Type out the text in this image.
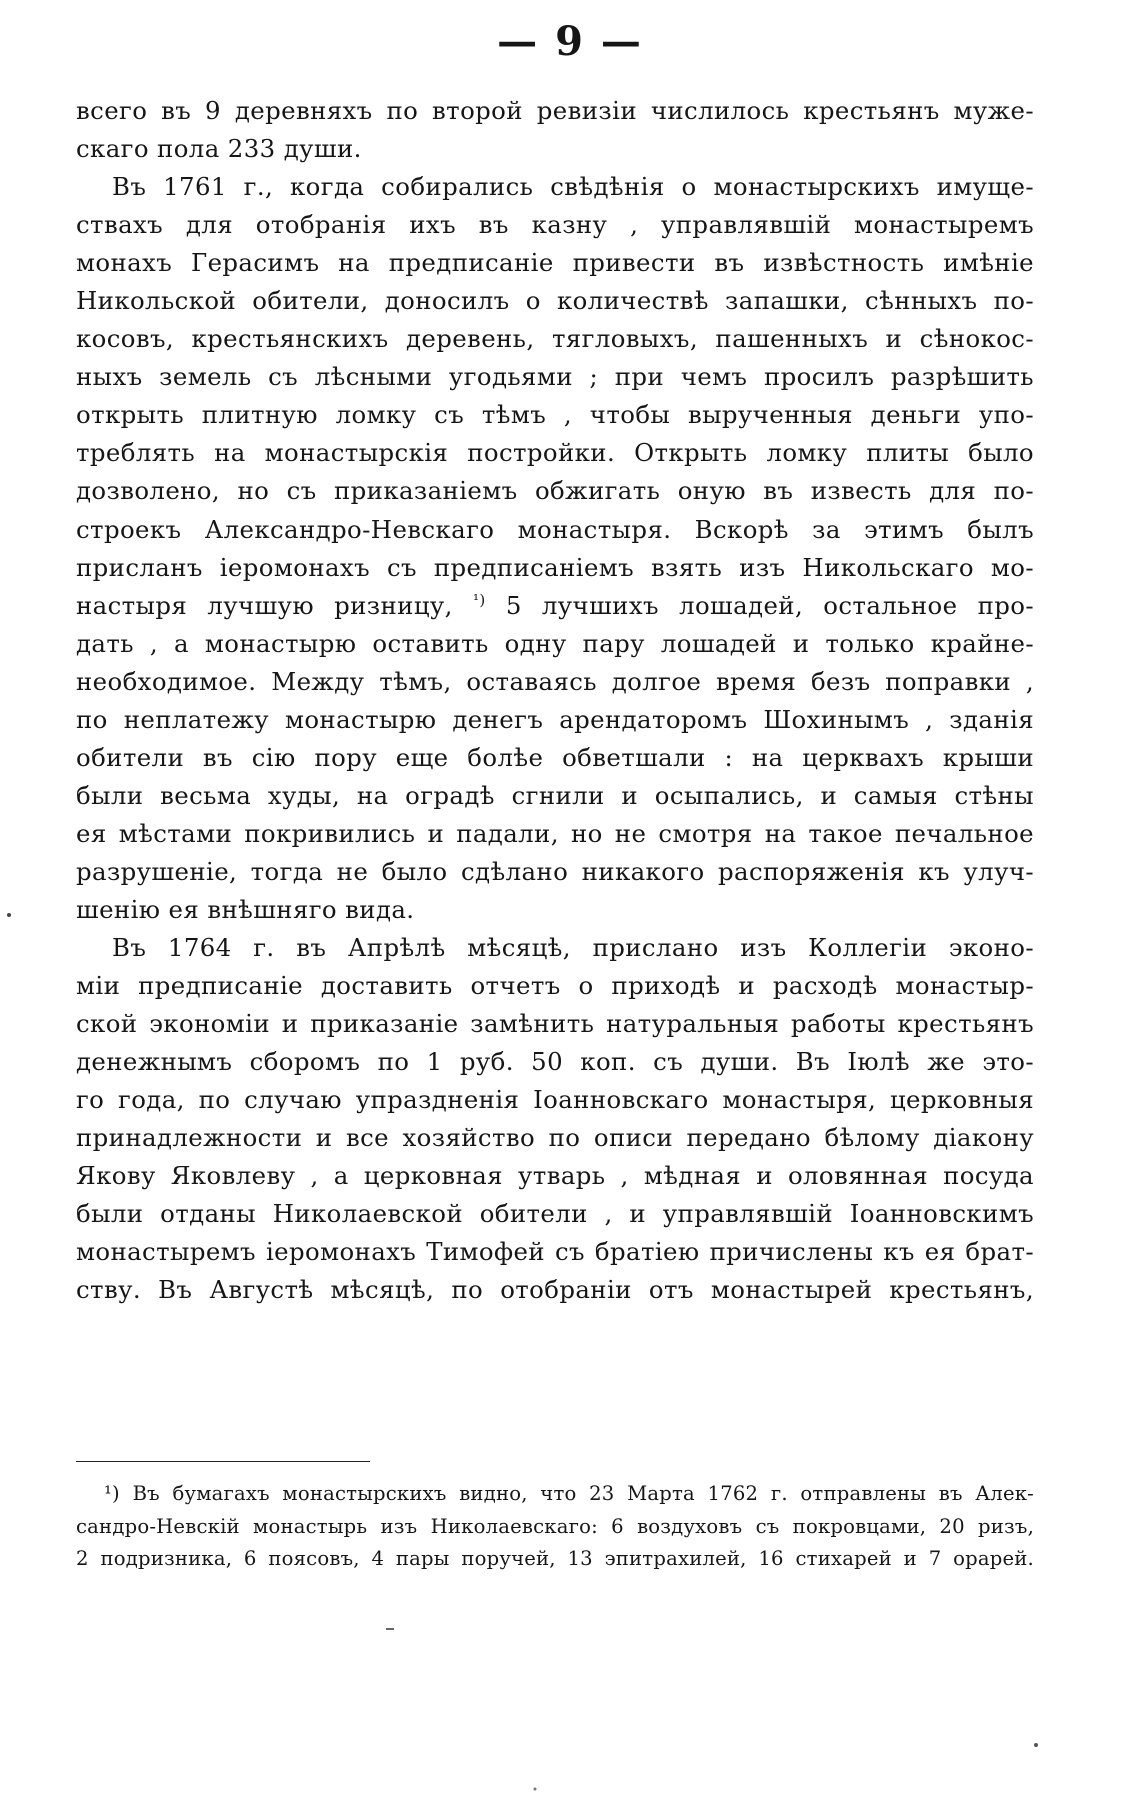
— 9 —
всего въ 9 деревняхъ по второй ревизіи числилось крестьянъ муже-
скаго пола 233 души.
Въ 1761 г., когда собирались свѣдѣнія о монастырскихъ имуще-
ствахъ для отобранія ихъ въ казну , управлявшій монастыремъ
монахъ Герасимъ на предписаніе привести въ извѣстность имѣніе
Никольской обители, доносилъ о количествѣ запашки, сѣнныхъ по-
косовъ, крестьянскихъ деревень, тягловыхъ, пашенныхъ и сѣнокос-
ныхъ земель съ лѣсными угодьями ; при чемъ просилъ разрѣшить
открыть плитную ломку съ тѣмъ , чтобы вырученныя деньги упо-
треблять на монастырскія постройки. Открыть ломку плиты было
дозволено, но съ приказаніемъ обжигать оную въ известь для по-
строекъ Александро-Невскаго монастыря. Вскорѣ за этимъ былъ
присланъ іеромонахъ съ предписаніемъ взять изъ Никольскаго мо-
настыря лучшую ризницу, $^{^1)}$ 5 лучшихъ лошадей, остальное про-
дать , а монастырю оставить одну пару лошадей и только крайне-
необходимое. Между тѣмъ, оставаясь долгое время безъ поправки ,
по неплатежу монастырю денегъ арендаторомъ Шохинымъ , зданія
обители въ сію пору еще болѣе обветшали : на церквахъ крыши
были весьма худы, на оградѣ сгнили и осыпались, и самыя стѣны
ея мѣстами покривились и падали, но не смотря на такое печальное
разрушеніе, тогда не было сдѣлано никакого распоряженія къ улуч-
шенію ея внѣшняго вида.
Въ 1764 г. въ Апрѣлѣ мѣсяцѣ, прислано изъ Коллегіи эконо-
міи предписаніе доставить отчетъ о приходѣ и расходѣ монастыр-
ской экономіи и приказаніе замѣнить натуральныя работы крестьянъ
денежнымъ сборомъ по 1 руб. 50 коп. съ души. Въ Іюлѣ же это-
го года, по случаю упраздненія Іоанновскаго монастыря, церковныя
принадлежности и все хозяйство по описи передано бѣлому діакону
Якову Яковлеву , а церковная утварь , мѣдная и оловянная посуда
были отданы Николаевской обители , и управлявшій Іоанновскимъ
монастыремъ іеромонахъ Тимофей съ братіею причислены къ ея брат-
ству. Въ Августѣ мѣсяцѣ, по отобраніи отъ монастырей крестьянъ,
¹) Въ бумагахъ монастырскихъ видно, что 23 Марта 1762 г. отправлены въ Алек-
сандро-Невскій монастырь изъ Николаевскаго: 6 воздуховъ съ покровцами, 20 ризъ,
2 подризника, 6 поясовъ, 4 пары поручей, 13 эпитрахилей, 16 стихарей и 7 орарей.
